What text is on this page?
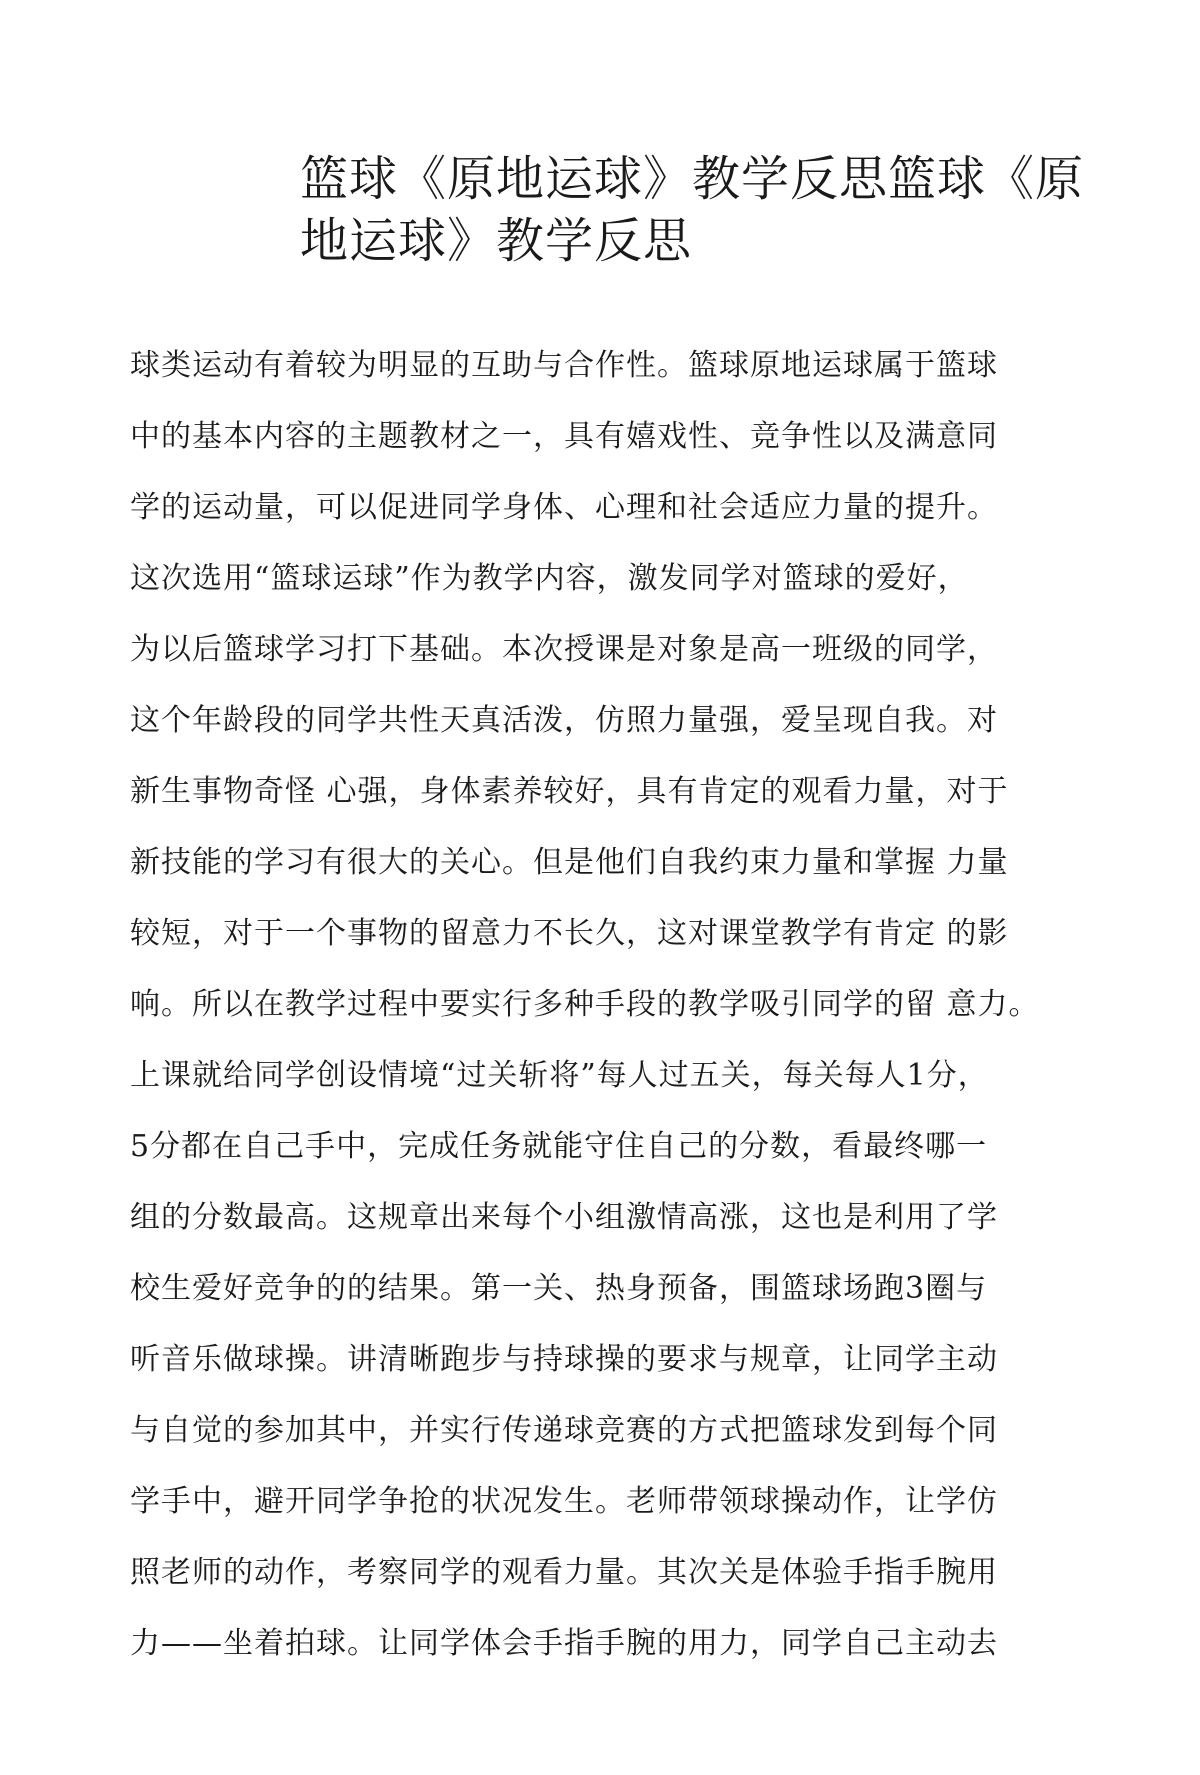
篮球《原地运球》教学反思篮球《原
地运球》教学反思
球类运动有着较为明显的互助与合作性。篮球原地运球属于篮球
中的基本内容的主题教材之一，具有嬉戏性、竞争性以及满意同
学的运动量，可以促进同学身体、心理和社会适应力量的提升。
这次选用“篮球运球”作为教学内容，激发同学对篮球的爱好，
为以后篮球学习打下基础。本次授课是对象是高一班级的同学，
这个年龄段的同学共性天真活泼，仿照力量强，爱呈现自我。对
新生事物奇怪 心强，身体素养较好，具有肯定的观看力量，对于
新技能的学习有很大的关心。但是他们自我约束力量和掌握 力量
较短，对于一个事物的留意力不长久，这对课堂教学有肯定 的影
响。所以在教学过程中要实行多种手段的教学吸引同学的留 意力。
上课就给同学创设情境“过关斩将”每人过五关，每关每人1分，
5分都在自己手中，完成任务就能守住自己的分数，看最终哪一
组的分数最高。这规章出来每个小组激情高涨，这也是利用了学
校生爱好竞争的的结果。第一关、热身预备，围篮球场跑3圈与
听音乐做球操。讲清晰跑步与持球操的要求与规章，让同学主动
与自觉的参加其中，并实行传递球竞赛的方式把篮球发到每个同
学手中，避开同学争抢的状况发生。老师带领球操动作，让学仿
照老师的动作，考察同学的观看力量。其次关是体验手指手腕用
力——坐着拍球。让同学体会手指手腕的用力，同学自己主动去
